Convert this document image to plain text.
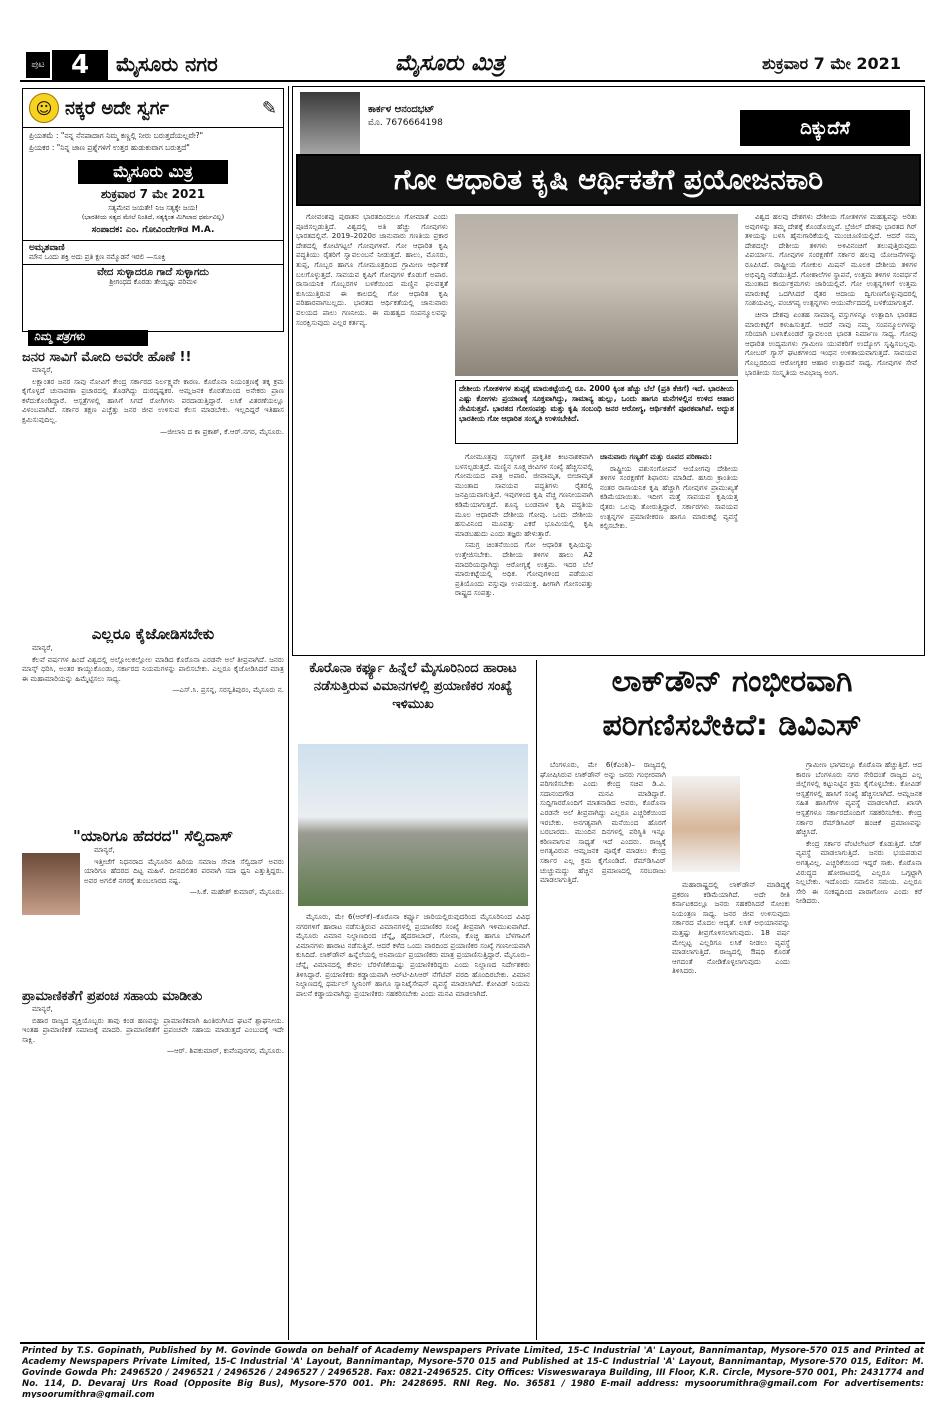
ಪುಟ	4	ಮೈಸೂರು ನಗರ	ಮೈಸೂರು ಮಿತ್ರ	ಶುಕ್ರವಾರ 7 ಮೇ 2021
☺ ನಕ್ಕರೆ ಅದೇ ಸ್ವರ್ಗ	✎
ಪ್ರಿಯತಮೆ : "ನನ್ನ ನೆನಪಾದಾಗ ನಿಮ್ಮ ಕಣ್ಣಲ್ಲಿ ನೀರು ಬರುತ್ತದೆಯಲ್ಲವೇ?"
ಪ್ರಿಯಕರ : "ನಿನ್ನ ಜಾಣ ಪ್ರಶ್ನೆಗಳಿಗೆ ಉತ್ತರ ಹುಡುಕುವಾಗ ಬರುತ್ತದೆ"
ಮೈಸೂರು ಮಿತ್ರ
ಶುಕ್ರವಾರ 7 ಮೇ 2021
ಸತ್ಯಮೇವ ಜಯತೇ! ನಿಜ ಸತ್ಯಕ್ಕೇ ಜಯ!
(ಭಾರತೀಯ ಸತ್ಯದ ಮೇಲೆ ನಿಂತಿದೆ, ಸತ್ಯಕ್ಕಿಂತ ಮಿಗಿಲಾದ ಧರ್ಮವಿಲ್ಲ)
ಸಂಪಾದಕ: ಎಂ. ಗೋವಿಂದೇಗೌಡ M.A.
ಅಮೃತವಾಣಿ
ಮೌನ ಒಂದು ಶಕ್ತಿ ಅದು ಪ್ರತಿ ಕ್ಷಣ ನಮ್ಮೊಡನೆ ಇರಲಿ —ಸೂಕ್ತಿ
ವೇದ ಸುಳ್ಳಾದರೂ ಗಾದೆ ಸುಳ್ಳಾಗದು
ಶ್ರೀಗಂಧದ ಕೊರಡು ತೇಯ್ದಷ್ಟು ಪರಿಮಳ
ನಿಮ್ಮ ಪತ್ರಗಳು
ಜನರ ಸಾವಿಗೆ ಮೋದಿ ಅವರೇ ಹೊಣೆ !!

ಮಾನ್ಯರೆ,

ಲಕ್ಷಾಂತರ ಜನರ ಸಾವು ನೋವಿಗೆ ಕೇಂದ್ರ ಸರ್ಕಾರದ ನಿರ್ಲಕ್ಷ್ಯವೇ ಕಾರಣ. ಕೊರೊನಾ ನಿಯಂತ್ರಣಕ್ಕೆ ತಕ್ಕ ಕ್ರಮ ಕೈಗೊಳ್ಳದೆ ಚುನಾವಣಾ ಪ್ರಚಾರದಲ್ಲಿ ತೊಡಗಿದ್ದು ದುರದೃಷ್ಟಕರ. ಆಮ್ಲಜನಕ ಕೊರತೆಯಿಂದ ಅನೇಕರು ಪ್ರಾಣ ಕಳೆದುಕೊಂಡಿದ್ದಾರೆ. ಆಸ್ಪತ್ರೆಗಳಲ್ಲಿ ಹಾಸಿಗೆ ಸಿಗದೆ ರೋಗಿಗಳು ಪರದಾಡುತ್ತಿದ್ದಾರೆ. ಲಸಿಕೆ ವಿತರಣೆಯಲ್ಲೂ ವಿಳಂಬವಾಗಿದೆ. ಸರ್ಕಾರ ತಕ್ಷಣ ಎಚ್ಚೆತ್ತು ಜನರ ಜೀವ ಉಳಿಸುವ ಕೆಲಸ ಮಾಡಬೇಕು. ಇಲ್ಲದಿದ್ದರೆ ಇತಿಹಾಸ ಕ್ಷಮಿಸುವುದಿಲ್ಲ.

—ಜೀಲಾನಿ ದ ಕಾ ಪ್ರಕಾಶ್, ಕೆ.ಆರ್.ನಗರ, ಮೈಸೂರು.

ಎಲ್ಲರೂ ಕೈಜೋಡಿಸಬೇಕು

ಮಾನ್ಯರೆ,

ಕೆಲವೆ ವರ್ಷಗಳ ಹಿಂದೆ ವಿಶ್ವದಲ್ಲಿ ಅಲ್ಲೋಲಕಲ್ಲೋಲ ಮಾಡಿದ ಕೊರೊನಾ ಎರಡನೇ ಅಲೆ ತೀವ್ರವಾಗಿದೆ. ಜನರು ಮಾಸ್ಕ್ ಧರಿಸಿ, ಅಂತರ ಕಾಯ್ದುಕೊಂಡು, ಸರ್ಕಾರದ ನಿಯಮಗಳನ್ನು ಪಾಲಿಸಬೇಕು. ಎಲ್ಲರೂ ಕೈಜೋಡಿಸಿದರೆ ಮಾತ್ರ ಈ ಮಹಾಮಾರಿಯನ್ನು ಹಿಮ್ಮೆಟ್ಟಿಸಲು ಸಾಧ್ಯ.

—ಎಸ್.ಸಿ. ಪ್ರಸನ್ನ, ಸರಸ್ವತಿಪುರಂ, ಮೈಸೂರು ನ.

"ಯಾರಿಗೂ ಹೆದರದ" ಸೆಲ್ವಿದಾಸ್

ಮಾನ್ಯರೆ,

ಇತ್ತೀಚೆಗೆ ನಿಧನರಾದ ಮೈಸೂರಿನ ಹಿರಿಯ ಸಮಾಜ ಸೇವಕಿ ಸೆಲ್ವಿದಾಸ್ ಅವರು ಯಾರಿಗೂ ಹೆದರದ ದಿಟ್ಟ ಮಹಿಳೆ. ದೀನದಲಿತರ ಪರವಾಗಿ ಸದಾ ಧ್ವನಿ ಎತ್ತುತ್ತಿದ್ದರು. ಅವರ ಅಗಲಿಕೆ ನಗರಕ್ಕೆ ತುಂಬಲಾರದ ನಷ್ಟ.

—ಸಿ.ಕೆ. ಮಹೇಶ್ ಕುಮಾರ್, ಮೈಸೂರು.

ಪ್ರಾಮಾಣಿಕತೆಗೆ ಪ್ರಪಂಚ ಸಹಾಯ ಮಾಡೀತು

ಮಾನ್ಯರೆ,

ಬಿಹಾರ ರಾಜ್ಯದ ವ್ಯಕ್ತಿಯೊಬ್ಬರು ತಾವು ಕಂಡ ಹಣವನ್ನು ಪ್ರಾಮಾಣಿಕವಾಗಿ ಹಿಂತಿರುಗಿಸಿದ ಘಟನೆ ಶ್ಲಾಘನೀಯ. ಇಂತಹ ಪ್ರಾಮಾಣಿಕತೆ ಸಮಾಜಕ್ಕೆ ಮಾದರಿ. ಪ್ರಾಮಾಣಿಕತೆಗೆ ಪ್ರಪಂಚವೇ ಸಹಾಯ ಮಾಡುತ್ತದೆ ಎಂಬುದಕ್ಕೆ ಇದೇ ಸಾಕ್ಷಿ.

—ಆರ್. ಶಿವಕುಮಾರ್, ಕುವೆಂಪುನಗರ, ಮೈಸೂರು.

ಕಾರ್ಕಳ ಆನಂದಭಟ್
ಮೊ. 7676664198	ದಿಕ್ಕುದೆಸೆ
ಗೋ ಆಧಾರಿತ ಕೃಷಿ ಆರ್ಥಿಕತೆಗೆ ಪ್ರಯೋಜನಕಾರಿ

ಗೋವಂಶವು ಪುರಾತನ ಭಾರತದಿಂದಲೂ ಗೋಮಾತೆ ಎಂದು ಪೂಜಿಸಲ್ಪಡುತ್ತಿದೆ. ವಿಶ್ವದಲ್ಲಿ ಅತಿ ಹೆಚ್ಚು ಗೋವುಗಳು ಭಾರತದಲ್ಲಿವೆ. 2019–2020ರ ಜಾನುವಾರು ಗಣತಿಯ ಪ್ರಕಾರ ದೇಶದಲ್ಲಿ ಕೋಟಿಗಟ್ಟಲೆ ಗೋವುಗಳಿವೆ. ಗೋ ಆಧಾರಿತ ಕೃಷಿ ಪದ್ಧತಿಯು ರೈತರಿಗೆ ಸ್ವಾವಲಂಬನೆ ನೀಡುತ್ತದೆ. ಹಾಲು, ಮೊಸರು, ತುಪ್ಪ, ಗೊಬ್ಬರ ಹಾಗೂ ಗೋಮೂತ್ರದಿಂದ ಗ್ರಾಮೀಣ ಆರ್ಥಿಕತೆ ಬಲಗೊಳ್ಳುತ್ತದೆ. ಸಾವಯವ ಕೃಷಿಗೆ ಗೋವುಗಳ ಕೊಡುಗೆ ಅಪಾರ. ರಾಸಾಯನಿಕ ಗೊಬ್ಬರಗಳ ಬಳಕೆಯಿಂದ ಮಣ್ಣಿನ ಫಲವತ್ತತೆ ಕುಸಿಯುತ್ತಿರುವ ಈ ಕಾಲದಲ್ಲಿ ಗೋ ಆಧಾರಿತ ಕೃಷಿ ಪರಿಹಾರವಾಗಬಲ್ಲದು. ಭಾರತದ ಆರ್ಥಿಕತೆಯಲ್ಲಿ ಜಾನುವಾರು ವಲಯದ ಪಾಲು ಗಣನೀಯ. ಈ ಮಹತ್ವದ ಸಂಪನ್ಮೂಲವನ್ನು ಸಂರಕ್ಷಿಸುವುದು ಎಲ್ಲರ ಕರ್ತವ್ಯ.

ದೇಶೀಯ ಗೋತಳಿಗಳ ತುಪ್ಪಕ್ಕೆ ಮಾರುಕಟ್ಟೆಯಲ್ಲಿ ರೂ. 2000 ಕ್ಕಿಂತ ಹೆಚ್ಚು ಬೆಲೆ (ಪ್ರತಿ ಕೆಜಿಗೆ) ಇದೆ. ಭಾರತೀಯ ಎಷ್ಟು ಕೋಗಳು ಪ್ರಯಾಣಕ್ಕೆ ಸೂಕ್ತವಾಗಿದ್ದು, ಸಾಮಾನ್ಯ ಹುಲ್ಲು, ಒಂದು ಹಾಗೂ ಮನೆಗಳಲ್ಲಿನ ಉಳಿದ ಆಹಾರ ಸೇವಿಸುತ್ತವೆ. ಭಾರತದ ಗೋಸಂಪತ್ತು ಮತ್ತು ಕೃಷಿ ಸಂಬಂಧಿ ಜನರ ಆರೋಗ್ಯ, ಆರ್ಥಿಕತೆಗೆ ಪೂರಕವಾಗಿವೆ. ಅದ್ಭುತ ಭಾರತೀಯ ಗೋ ಆಧಾರಿತ ಸಂಸ್ಕೃತಿ ಉಳಿಸಬೇಕಿದೆ.

ಗೋಮೂತ್ರವು ಸಸ್ಯಗಳಿಗೆ ಪ್ರಾಕೃತಿಕ ಕೀಟನಾಶಕವಾಗಿ ಬಳಸಲ್ಪಡುತ್ತದೆ. ಮಣ್ಣಿನ ಸೂಕ್ಷ್ಮಜೀವಿಗಳ ಸಂಖ್ಯೆ ಹೆಚ್ಚಿಸುವಲ್ಲಿ ಗೋಮಯದ ಪಾತ್ರ ಅಪಾರ. ಜೀವಾಮೃತ, ಬೀಜಾಮೃತ ಮುಂತಾದ ಸಾವಯವ ಪದ್ಧತಿಗಳು ರೈತರಲ್ಲಿ ಜನಪ್ರಿಯವಾಗುತ್ತಿವೆ. ಇವುಗಳಿಂದ ಕೃಷಿ ವೆಚ್ಚ ಗಣನೀಯವಾಗಿ ಕಡಿಮೆಯಾಗುತ್ತದೆ. ಶೂನ್ಯ ಬಂಡವಾಳ ಕೃಷಿ ಪದ್ಧತಿಯ ಮೂಲ ಆಧಾರವೇ ದೇಶೀಯ ಗೋವು. ಒಂದು ದೇಶೀಯ ಹಸುವಿನಿಂದ ಮೂವತ್ತು ಎಕರೆ ಭೂಮಿಯಲ್ಲಿ ಕೃಷಿ ಮಾಡಬಹುದು ಎಂದು ತಜ್ಞರು ಹೇಳುತ್ತಾರೆ.

ಸಮಗ್ರ ಚಿಂತನೆಯಿಂದ ಗೋ ಆಧಾರಿತ ಕೃಷಿಯನ್ನು ಉತ್ತೇಜಿಸಬೇಕು. ದೇಶೀಯ ತಳಿಗಳ ಹಾಲು A2 ಮಾದರಿಯದ್ದಾಗಿದ್ದು ಆರೋಗ್ಯಕ್ಕೆ ಉತ್ತಮ. ಇದರ ಬೆಲೆ ಮಾರುಕಟ್ಟೆಯಲ್ಲಿ ಅಧಿಕ. ಗೋವುಗಳಿಂದ ಪಡೆಯುವ ಪ್ರತಿಯೊಂದು ವಸ್ತುವೂ ಉಪಯುಕ್ತ. ಹೀಗಾಗಿ ಗೋಸಂಪತ್ತು ರಾಷ್ಟ್ರದ ಸಂಪತ್ತು.

ಚಾನುವಾರು ಗಣ್ಯತೆಗೆ ಮತ್ತು ರೂಪದ ಪರಿಣಾಮ:

ರಾಷ್ಟ್ರೀಯ ಪಶುಸಂಗೋಪನೆ ಆಯೋಗವು ದೇಶೀಯ ತಳಿಗಳ ಸಂರಕ್ಷಣೆಗೆ ಶಿಫಾರಸು ಮಾಡಿದೆ. ಹಸಿರು ಕ್ರಾಂತಿಯ ನಂತರ ರಾಸಾಯನಿಕ ಕೃಷಿ ಹೆಚ್ಚಾಗಿ ಗೋವುಗಳ ಪ್ರಾಮುಖ್ಯತೆ ಕಡಿಮೆಯಾಯಿತು. ಇದೀಗ ಮತ್ತೆ ಸಾವಯವ ಕೃಷಿಯತ್ತ ರೈತರು ಒಲವು ತೋರುತ್ತಿದ್ದಾರೆ. ಸರ್ಕಾರಗಳು ಸಾವಯವ ಉತ್ಪನ್ನಗಳ ಪ್ರಮಾಣೀಕರಣ ಹಾಗೂ ಮಾರುಕಟ್ಟೆ ವ್ಯವಸ್ಥೆ ಕಲ್ಪಿಸಬೇಕು.

ವಿಶ್ವದ ಹಲವು ದೇಶಗಳು ದೇಶೀಯ ಗೋತಳಿಗಳ ಮಹತ್ವವನ್ನು ಅರಿತು ಅವುಗಳನ್ನು ತಮ್ಮ ದೇಶಕ್ಕೆ ಕೊಂಡೊಯ್ದಿವೆ. ಬ್ರೆಜಿಲ್ ದೇಶವು ಭಾರತದ ಗಿರ್ ತಳಿಯನ್ನು ಬಳಸಿ ಹೈನುಗಾರಿಕೆಯಲ್ಲಿ ಮುಂಚೂಣಿಯಲ್ಲಿದೆ. ಆದರೆ ನಮ್ಮ ದೇಶದಲ್ಲೇ ದೇಶೀಯ ತಳಿಗಳು ಅಳಿವಿನಂಚಿಗೆ ತಲುಪುತ್ತಿರುವುದು ವಿಪರ್ಯಾಸ. ಗೋವುಗಳ ಸಂರಕ್ಷಣೆಗೆ ಸರ್ಕಾರ ಹಲವು ಯೋಜನೆಗಳನ್ನು ರೂಪಿಸಿದೆ. ರಾಷ್ಟ್ರೀಯ ಗೋಕುಲ ಮಿಷನ್ ಮೂಲಕ ದೇಶೀಯ ತಳಿಗಳ ಅಭಿವೃದ್ಧಿ ನಡೆಯುತ್ತಿದೆ. ಗೋಶಾಲೆಗಳ ಸ್ಥಾಪನೆ, ಉತ್ತಮ ತಳಿಗಳ ಸಂವರ್ಧನೆ ಮುಂತಾದ ಕಾರ್ಯಕ್ರಮಗಳು ಜಾರಿಯಲ್ಲಿವೆ. ಗೋ ಉತ್ಪನ್ನಗಳಿಗೆ ಉತ್ತಮ ಮಾರುಕಟ್ಟೆ ಒದಗಿಸಿದರೆ ರೈತರ ಆದಾಯ ದ್ವಿಗುಣಗೊಳ್ಳುವುದರಲ್ಲಿ ಸಂಶಯವಿಲ್ಲ. ಪಂಚಗವ್ಯ ಉತ್ಪನ್ನಗಳು ಆಯುರ್ವೇದದಲ್ಲಿ ಬಳಕೆಯಾಗುತ್ತವೆ.

ಚೀನಾ ದೇಶವು ಏಂತಹ ಸಾಮಾನ್ಯ ವಸ್ತುಗಳನ್ನೂ ಉತ್ಪಾದಿಸಿ ಭಾರತದ ಮಾರುಕಟ್ಟೆಗೆ ಕಳುಹಿಸುತ್ತದೆ. ಆದರೆ ನಾವು ನಮ್ಮ ಸಂಪನ್ಮೂಲಗಳನ್ನು ಸರಿಯಾಗಿ ಬಳಸಿಕೊಂಡರೆ ಸ್ವಾವಲಂಬಿ ಭಾರತ ನಿರ್ಮಾಣ ಸಾಧ್ಯ. ಗೋವು ಆಧಾರಿತ ಉದ್ಯಮಗಳು ಗ್ರಾಮೀಣ ಯುವಕರಿಗೆ ಉದ್ಯೋಗ ಸೃಷ್ಟಿಸಬಲ್ಲವು. ಗೋಬರ್ ಗ್ಯಾಸ್ ಘಟಕಗಳಿಂದ ಇಂಧನ ಉಳಿತಾಯವಾಗುತ್ತದೆ. ಸಾವಯವ ಗೊಬ್ಬರದಿಂದ ಆರೋಗ್ಯಕರ ಆಹಾರ ಉತ್ಪಾದನೆ ಸಾಧ್ಯ. ಗೋವುಗಳ ಸೇವೆ ಭಾರತೀಯ ಸಂಸ್ಕೃತಿಯ ಅವಿಭಾಜ್ಯ ಅಂಗ.

ಕೊರೊನಾ ಕರ್ಫ್ಯೂ ಹಿನ್ನೆಲೆ ಮೈಸೂರಿನಿಂದ ಹಾರಾಟ ನಡೆಸುತ್ತಿರುವ ವಿಮಾನಗಳಲ್ಲಿ ಪ್ರಯಾಣಿಕರ ಸಂಖ್ಯೆ ಇಳಿಮುಖ

ಮೈಸೂರು, ಮೇ 6(ಆರ್‌ಕೆ)–ಕೊರೊನಾ ಕರ್ಫ್ಯೂ ಜಾರಿಯಲ್ಲಿರುವುದರಿಂದ ಮೈಸೂರಿನಿಂದ ವಿವಿಧ ನಗರಗಳಿಗೆ ಹಾರಾಟ ನಡೆಸುತ್ತಿರುವ ವಿಮಾನಗಳಲ್ಲಿ ಪ್ರಯಾಣಿಕರ ಸಂಖ್ಯೆ ತೀವ್ರವಾಗಿ ಇಳಿಮುಖವಾಗಿದೆ. ಮೈಸೂರು ವಿಮಾನ ನಿಲ್ದಾಣದಿಂದ ಚೆನ್ನೈ, ಹೈದರಾಬಾದ್, ಗೋವಾ, ಕೊಚ್ಚಿ ಹಾಗೂ ಬೆಳಗಾವಿಗೆ ವಿಮಾನಗಳು ಹಾರಾಟ ನಡೆಸುತ್ತಿವೆ. ಆದರೆ ಕಳೆದ ಒಂದು ವಾರದಿಂದ ಪ್ರಯಾಣಿಕರ ಸಂಖ್ಯೆ ಗಣನೀಯವಾಗಿ ಕುಸಿದಿದೆ. ಲಾಕ್‌ಡೌನ್ ಹಿನ್ನೆಲೆಯಲ್ಲಿ ಅನಿವಾರ್ಯ ಪ್ರಯಾಣಿಕರು ಮಾತ್ರ ಪ್ರಯಾಣಿಸುತ್ತಿದ್ದಾರೆ. ಮೈಸೂರು–ಚೆನ್ನೈ ವಿಮಾನದಲ್ಲಿ ಕೇವಲ ಬೆರಳೆಣಿಕೆಯಷ್ಟು ಪ್ರಯಾಣಿಕರಿದ್ದರು ಎಂದು ನಿಲ್ದಾಣದ ನಿರ್ದೇಶಕರು ತಿಳಿಸಿದ್ದಾರೆ. ಪ್ರಯಾಣಿಕರು ಕಡ್ಡಾಯವಾಗಿ ಆರ್‌ಟಿ-ಪಿಸಿಆರ್ ನೆಗೆಟಿವ್ ವರದಿ ಹೊಂದಿರಬೇಕು. ವಿಮಾನ ನಿಲ್ದಾಣದಲ್ಲಿ ಥರ್ಮಲ್ ಸ್ಕ್ರೀನಿಂಗ್ ಹಾಗೂ ಸ್ಯಾನಿಟೈಸೇಷನ್ ವ್ಯವಸ್ಥೆ ಮಾಡಲಾಗಿದೆ. ಕೋವಿಡ್ ನಿಯಮ ಪಾಲನೆ ಕಡ್ಡಾಯವಾಗಿದ್ದು ಪ್ರಯಾಣಿಕರು ಸಹಕರಿಸಬೇಕು ಎಂದು ಮನವಿ ಮಾಡಲಾಗಿದೆ.

ಲಾಕ್‌ಡೌನ್ ಗಂಭೀರವಾಗಿ ಪರಿಗಣಿಸಬೇಕಿದೆ: ಡಿವಿಎಸ್

ಬೆಂಗಳೂರು, ಮೇ 6(ಕೆಎಂಶಿ)– ರಾಜ್ಯದಲ್ಲಿ ಘೋಷಿಸಿರುವ ಲಾಕ್‌ಡೌನ್ ಅನ್ನು ಜನರು ಗಂಭೀರವಾಗಿ ಪರಿಗಣಿಸಬೇಕು ಎಂದು ಕೇಂದ್ರ ಸಚಿವ ಡಿ.ವಿ. ಸದಾನಂದಗೌಡ ಮನವಿ ಮಾಡಿದ್ದಾರೆ. ಸುದ್ದಿಗಾರರೊಂದಿಗೆ ಮಾತನಾಡಿದ ಅವರು, ಕೊರೊನಾ ಎರಡನೇ ಅಲೆ ತೀವ್ರವಾಗಿದ್ದು ಎಲ್ಲರೂ ಎಚ್ಚರಿಕೆಯಿಂದ ಇರಬೇಕು. ಅನಗತ್ಯವಾಗಿ ಮನೆಯಿಂದ ಹೊರಗೆ ಬರಬಾರದು. ಮುಂದಿನ ದಿನಗಳಲ್ಲಿ ಪರಿಸ್ಥಿತಿ ಇನ್ನೂ ಕಠಿಣವಾಗುವ ಸಾಧ್ಯತೆ ಇದೆ ಎಂದರು. ರಾಜ್ಯಕ್ಕೆ ಅಗತ್ಯವಿರುವ ಆಮ್ಲಜನಕ ಪೂರೈಕೆ ಮಾಡಲು ಕೇಂದ್ರ ಸರ್ಕಾರ ಎಲ್ಲ ಕ್ರಮ ಕೈಗೊಂಡಿದೆ. ರೆಮ್‌ಡಿಸಿವಿರ್ ಚುಚ್ಚುಮದ್ದು ಹೆಚ್ಚಿನ ಪ್ರಮಾಣದಲ್ಲಿ ಸರಬರಾಜು ಮಾಡಲಾಗುತ್ತಿದೆ.

ಮಹಾರಾಷ್ಟ್ರದಲ್ಲಿ ಲಾಕ್‌ಡೌನ್ ಮಾಡಿದ್ದಕ್ಕೆ ಪ್ರಕರಣ ಕಡಿಮೆಯಾಗಿದೆ. ಅದೇ ರೀತಿ ಕರ್ನಾಟಕದಲ್ಲೂ ಜನರು ಸಹಕರಿಸಿದರೆ ಸೋಂಕು ನಿಯಂತ್ರಣ ಸಾಧ್ಯ. ಜನರ ಜೀವ ಉಳಿಸುವುದು ಸರ್ಕಾರದ ಮೊದಲ ಆದ್ಯತೆ. ಲಸಿಕೆ ಅಭಿಯಾನವನ್ನು ಮತ್ತಷ್ಟು ತೀವ್ರಗೊಳಿಸಲಾಗುವುದು. 18 ವರ್ಷ ಮೇಲ್ಪಟ್ಟ ಎಲ್ಲರಿಗೂ ಲಸಿಕೆ ನೀಡಲು ವ್ಯವಸ್ಥೆ ಮಾಡಲಾಗುತ್ತಿದೆ. ರಾಜ್ಯದಲ್ಲಿ ಔಷಧಿ ಕೊರತೆ ಆಗದಂತೆ ನೋಡಿಕೊಳ್ಳಲಾಗುವುದು ಎಂದು ತಿಳಿಸಿದರು.

ಗ್ರಾಮೀಣ ಭಾಗದಲ್ಲೂ ಕೊರೊನಾ ಹೆಚ್ಚುತ್ತಿದೆ. ಆದ ಕಾರಣ ಬೆಂಗಳೂರು ನಗರ ಸೇರಿದಂತೆ ರಾಜ್ಯದ ಎಲ್ಲ ಜಿಲ್ಲೆಗಳಲ್ಲಿ ಕಟ್ಟುನಿಟ್ಟಿನ ಕ್ರಮ ಕೈಗೊಳ್ಳಬೇಕು. ಕೋವಿಡ್ ಆಸ್ಪತ್ರೆಗಳಲ್ಲಿ ಹಾಸಿಗೆ ಸಂಖ್ಯೆ ಹೆಚ್ಚಿಸಲಾಗಿದೆ. ಆಮ್ಲಜನಕ ಸಹಿತ ಹಾಸಿಗೆಗಳ ವ್ಯವಸ್ಥೆ ಮಾಡಲಾಗಿದೆ. ಖಾಸಗಿ ಆಸ್ಪತ್ರೆಗಳೂ ಸರ್ಕಾರದೊಂದಿಗೆ ಸಹಕರಿಸಬೇಕು. ಕೇಂದ್ರ ಸರ್ಕಾರ ರೆಮ್‌ಡಿಸಿವಿರ್ ಹಂಚಿಕೆ ಪ್ರಮಾಣವನ್ನು ಹೆಚ್ಚಿಸಿದೆ.

ಕೇಂದ್ರ ಸರ್ಕಾರ ವೆಂಟಿಲೇಟರ್ ಕೊಡುತ್ತಿದೆ. ಬೆಡ್ ವ್ಯವಸ್ಥೆ ಮಾಡಲಾಗುತ್ತಿದೆ. ಜನರು ಭಯಪಡುವ ಅಗತ್ಯವಿಲ್ಲ. ಎಚ್ಚರಿಕೆಯಿಂದ ಇದ್ದರೆ ಸಾಕು. ಕೊರೊನಾ ವಿರುದ್ಧದ ಹೋರಾಟದಲ್ಲಿ ಎಲ್ಲರೂ ಒಗ್ಗಟ್ಟಾಗಿ ನಿಲ್ಲಬೇಕು. ಇದೊಂದು ಸವಾಲಿನ ಸಮಯ. ಎಲ್ಲರೂ ಸೇರಿ ಈ ಸಂಕಷ್ಟದಿಂದ ಪಾರಾಗೋಣ ಎಂದು ಕರೆ ನೀಡಿದರು.

Printed by T.S. Gopinath, Published by M. Govinde Gowda on behalf of Academy Newspapers Private Limited, 15-C Industrial 'A' Layout, Bannimantap, Mysore-570 015 and Printed at Academy Newspapers Private Limited, 15-C Industrial 'A' Layout, Bannimantap, Mysore-570 015 and Published at 15-C Industrial 'A' Layout, Bannimantap, Mysore-570 015, Editor: M. Govinde Gowda Ph: 2496520 / 2496521 / 2496526 / 2496527 / 2496528. Fax: 0821-2496525. City Offices: Visweswaraya Building, III Floor, K.R. Circle, Mysore-570 001, Ph: 2431774 and No. 114, D. Devaraj Urs Road (Opposite Big Bus), Mysore-570 001. Ph: 2428695. RNI Reg. No. 36581 / 1980 E-mail address: mysoorumithra@gmail.com For advertisements: mysoorumithra@gmail.com
